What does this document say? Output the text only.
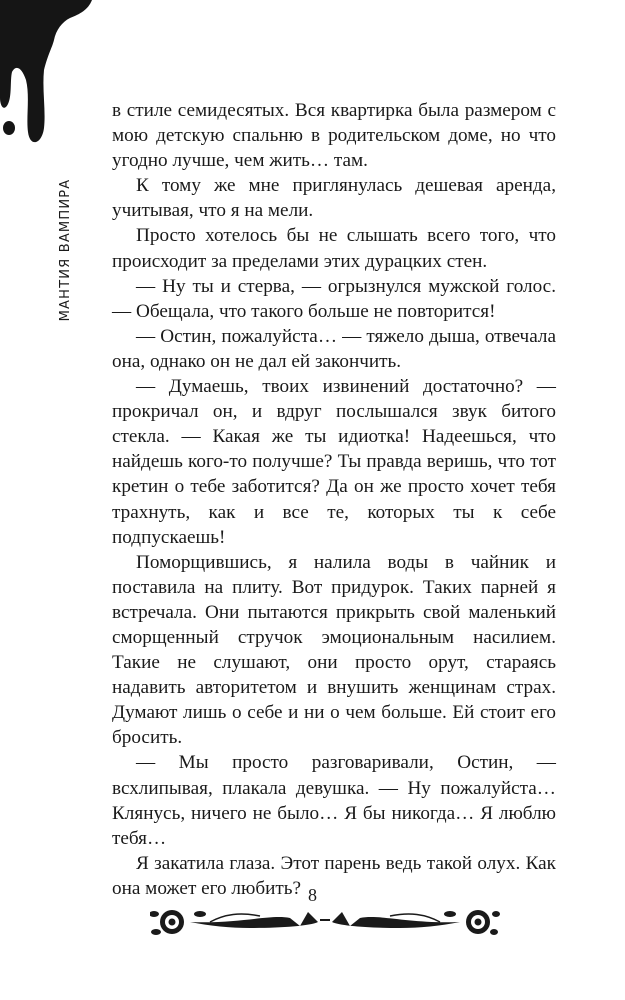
МАНТИЯ ВАМПИРА

в стиле семидесятых. Вся квартирка была размером с мою детскую спальню в родительском доме, но что угодно лучше, чем жить… там.

К тому же мне приглянулась дешевая аренда, учитывая, что я на мели.

Просто хотелось бы не слышать всего того, что происходит за пределами этих дурацких стен.

— Ну ты и стерва, — огрызнулся мужской голос. — Обещала, что такого больше не повторится!

— Остин, пожалуйста… — тяжело дыша, отвечала она, однако он не дал ей закончить.

— Думаешь, твоих извинений достаточно? — прокричал он, и вдруг послышался звук битого стекла. — Какая же ты идиотка! Надеешься, что найдешь кого-то получше? Ты правда веришь, что тот кретин о тебе заботится? Да он же просто хочет тебя трахнуть, как и все те, которых ты к себе подпускаешь!

Поморщившись, я налила воды в чайник и поставила на плиту. Вот придурок. Таких парней я встречала. Они пытаются прикрыть свой маленький сморщенный стручок эмоциональным насилием. Такие не слушают, они просто орут, стараясь надавить авторитетом и внушить женщинам страх. Думают лишь о себе и ни о чем больше. Ей стоит его бросить.

— Мы просто разговаривали, Остин, — всхлипывая, плакала девушка. — Ну пожалуйста… Клянусь, ничего не было… Я бы никогда… Я люблю тебя…

Я закатила глаза. Этот парень ведь такой олух. Как она может его любить? 8
